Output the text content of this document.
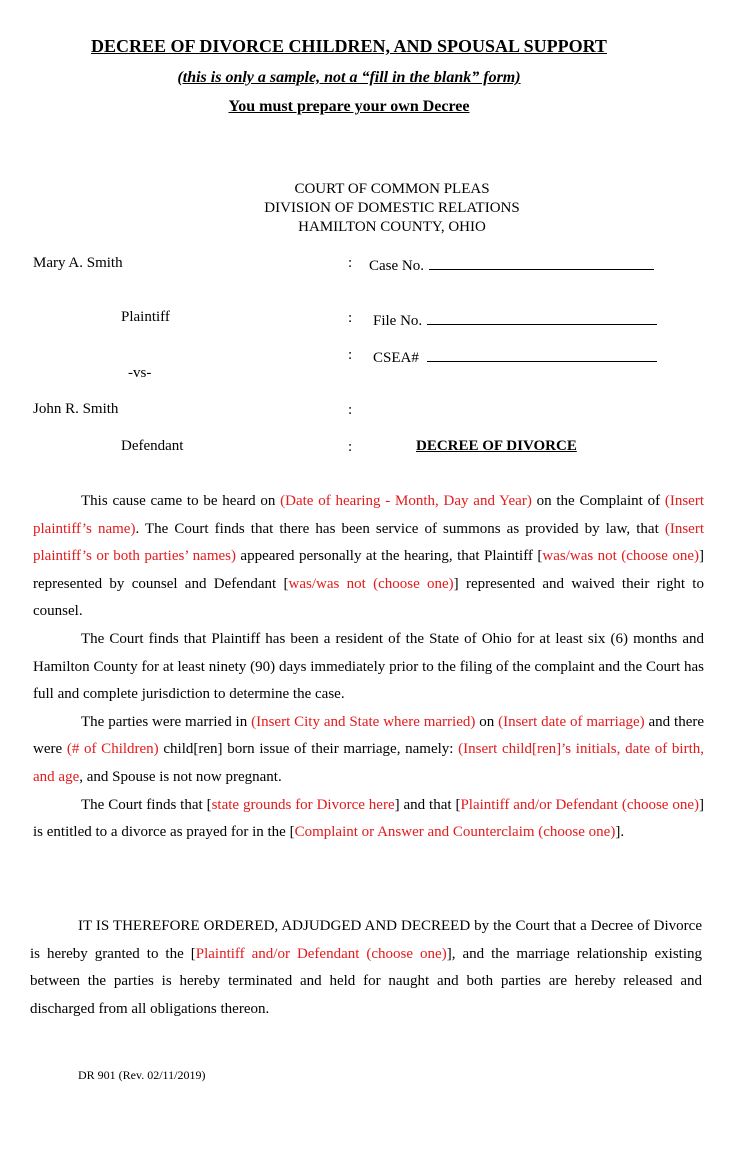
DECREE OF DIVORCE CHILDREN, AND SPOUSAL SUPPORT
(this is only a sample, not a “fill in the blank” form)
You must prepare your own Decree
COURT OF COMMON PLEAS
DIVISION OF DOMESTIC RELATIONS
HAMILTON COUNTY, OHIO
Mary A. Smith	: Case No.
Plaintiff	: File No.
: CSEA#
-vs-
John R. Smith	:
Defendant	:	DECREE OF DIVORCE

This cause came to be heard on (Date of hearing - Month, Day and Year) on the Complaint of (Insert plaintiff’s name). The Court finds that there has been service of summons as provided by law, that (Insert plaintiff’s or both parties’ names) appeared personally at the hearing, that Plaintiff [was/was not (choose one)] represented by counsel and Defendant [was/was not (choose one)] represented and waived their right to counsel.

The Court finds that Plaintiff has been a resident of the State of Ohio for at least six (6) months and Hamilton County for at least ninety (90) days immediately prior to the filing of the complaint and the Court has full and complete jurisdiction to determine the case.

The parties were married in (Insert City and State where married) on (Insert date of marriage) and there were (# of Children) child[ren] born issue of their marriage, namely: (Insert child[ren]’s initials, date of birth, and age, and Spouse is not now pregnant.

The Court finds that [state grounds for Divorce here] and that [Plaintiff and/or Defendant (choose one)] is entitled to a divorce as prayed for in the [Complaint or Answer and Counterclaim (choose one)].

IT IS THEREFORE ORDERED, ADJUDGED AND DECREED by the Court that a Decree of Divorce is hereby granted to the [Plaintiff and/or Defendant (choose one)], and the marriage relationship existing between the parties is hereby terminated and held for naught and both parties are hereby released and discharged from all obligations thereon.

DR 901 (Rev. 02/11/2019)
